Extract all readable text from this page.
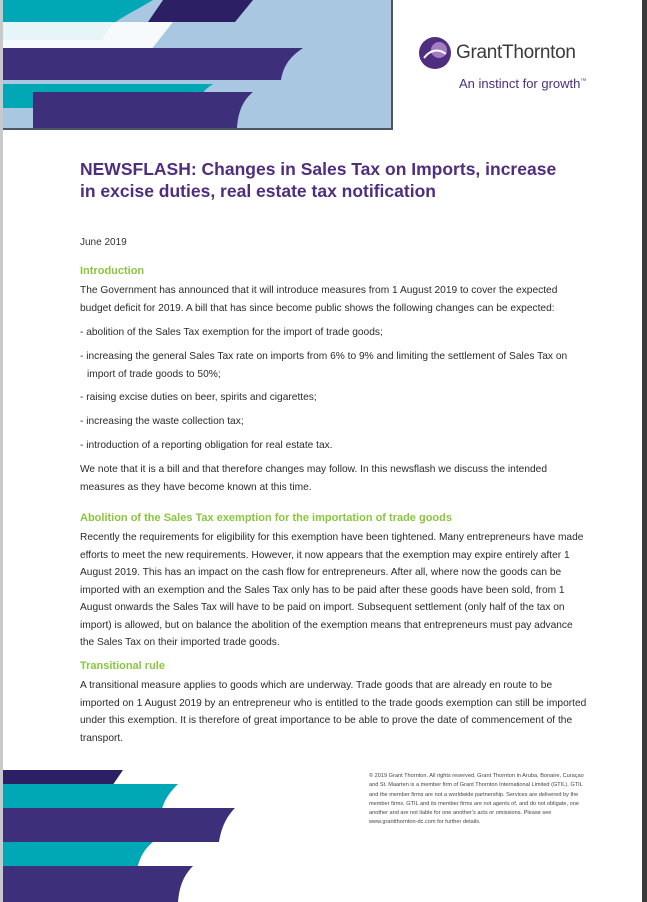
GrantThornton
An instinct for growth™
NEWSFLASH: Changes in Sales Tax on Imports, increase in excise duties, real estate tax notification
June 2019
Introduction

The Government has announced that it will introduce measures from 1 August 2019 to cover the expected budget deficit for 2019. A bill that has since become public shows the following changes can be expected:

- abolition of the Sales Tax exemption for the import of trade goods;

- increasing the general Sales Tax rate on imports from 6% to 9% and limiting the settlement of Sales Tax on import of trade goods to 50%;

- raising excise duties on beer, spirits and cigarettes;

- increasing the waste collection tax;

- introduction of a reporting obligation for real estate tax.

We note that it is a bill and that therefore changes may follow. In this newsflash we discuss the intended measures as they have become known at this time.

Abolition of the Sales Tax exemption for the importation of trade goods

Recently the requirements for eligibility for this exemption have been tightened. Many entrepreneurs have made efforts to meet the new requirements. However, it now appears that the exemption may expire entirely after 1 August 2019. This has an impact on the cash flow for entrepreneurs. After all, where now the goods can be imported with an exemption and the Sales Tax only has to be paid after these goods have been sold, from 1 August onwards the Sales Tax will have to be paid on import. Subsequent settlement (only half of the tax on import) is allowed, but on balance the abolition of the exemption means that entrepreneurs must pay advance the Sales Tax on their imported trade goods.

Transitional rule

A transitional measure applies to goods which are underway. Trade goods that are already en route to be imported on 1 August 2019 by an entrepreneur who is entitled to the trade goods exemption can still be imported under this exemption. It is therefore of great importance to be able to prove the date of commencement of the transport.

© 2019 Grant Thornton. All rights reserved. Grant Thornton in Aruba, Bonaire, Curaçao and St. Maarten is a member firm of Grant Thornton International Limited (GTIL). GTIL and the member firms are not a worldwide partnership. Services are delivered by the member firms. GTIL and its member firms are not agents of, and do not obligate, one another and are not liable for one another's acts or omissions. Please see www.grantthornton-dc.com for further details.
